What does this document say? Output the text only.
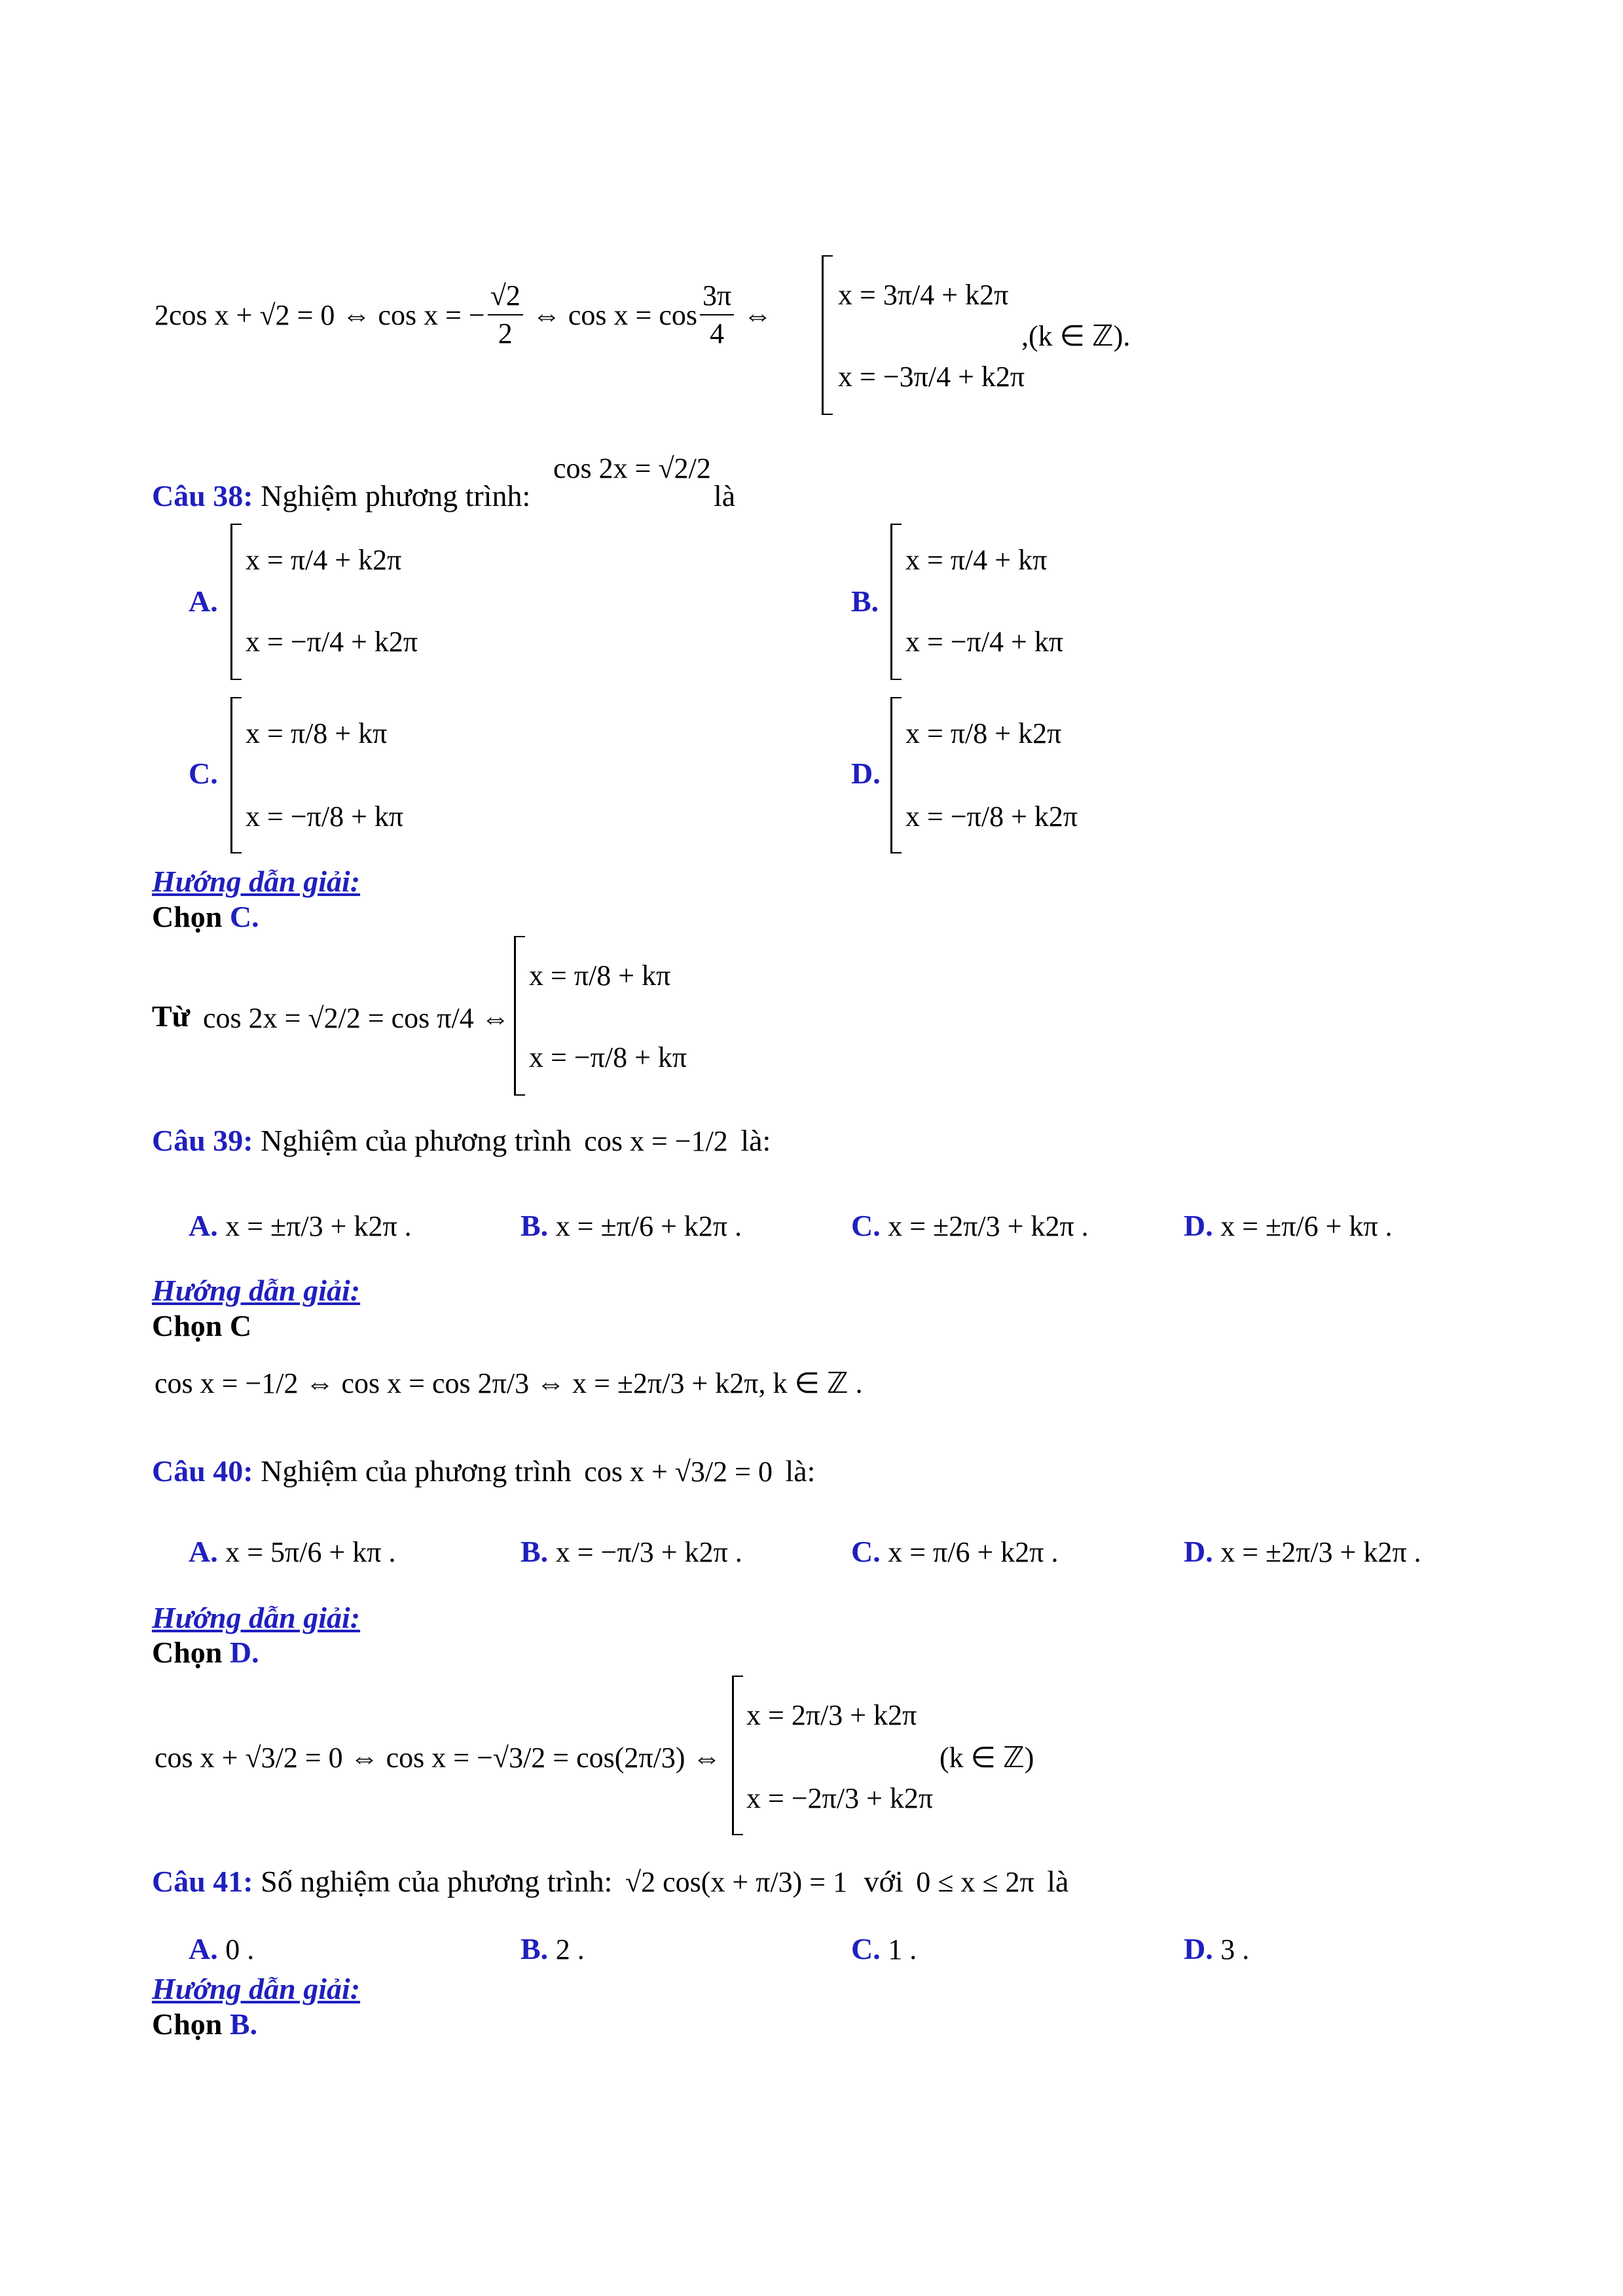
2cos x + √2 = 0 ⇔ cos x = − $\frac{√2}{2}$ ⇔ $\cos x = \cos \frac{3\pi}{4}$ ⇔
x = 3π/4 + k2π
x = −3π/4 + k2π
,(k ∈ ℤ).
Câu 38: Nghiệm phương trình:
cos 2x = √2/2
là
A.
x = π/4 + k2π
x = −π/4 + k2π
B.
x = π/4 + kπ
x = −π/4 + kπ
C.
x = π/8 + kπ
x = −π/8 + kπ
D.
x = π/8 + k2π
x = −π/8 + k2π
Hướng dẫn giải:
Chọn C.
Từ cos 2x = √2/2 = cos π/4 ⇔
x = π/8 + kπ
x = −π/8 + kπ
Câu 39: Nghiệm của phương trình cos x = −1/2 là:
A. x = ±π/3 + k2π .	B. x = ±π/6 + k2π .	C. x = ±2π/3 + k2π .	D. x = ±π/6 + kπ .
Hướng dẫn giải:
Chọn C
cos x = −1/2 ⇔ cos x = cos 2π/3 ⇔ x = ±2π/3 + k2π, k ∈ ℤ .
Câu 40: Nghiệm của phương trình cos x + √3/2 = 0 là:
A. x = 5π/6 + kπ .	B. x = −π/3 + k2π .	C. x = π/6 + k2π .	D. x = ±2π/3 + k2π .
Hướng dẫn giải:
Chọn D.
cos x + √3/2 = 0 ⇔ cos x = −√3/2 = cos(2π/3) ⇔
x = 2π/3 + k2π
x = −2π/3 + k2π
(k ∈ ℤ)
Câu 41: Số nghiệm của phương trình: √2 cos(x + π/3) = 1 với 0 ≤ x ≤ 2π là
A. 0 .	B. 2 .	C. 1 .	D. 3 .
Hướng dẫn giải:
Chọn B.
